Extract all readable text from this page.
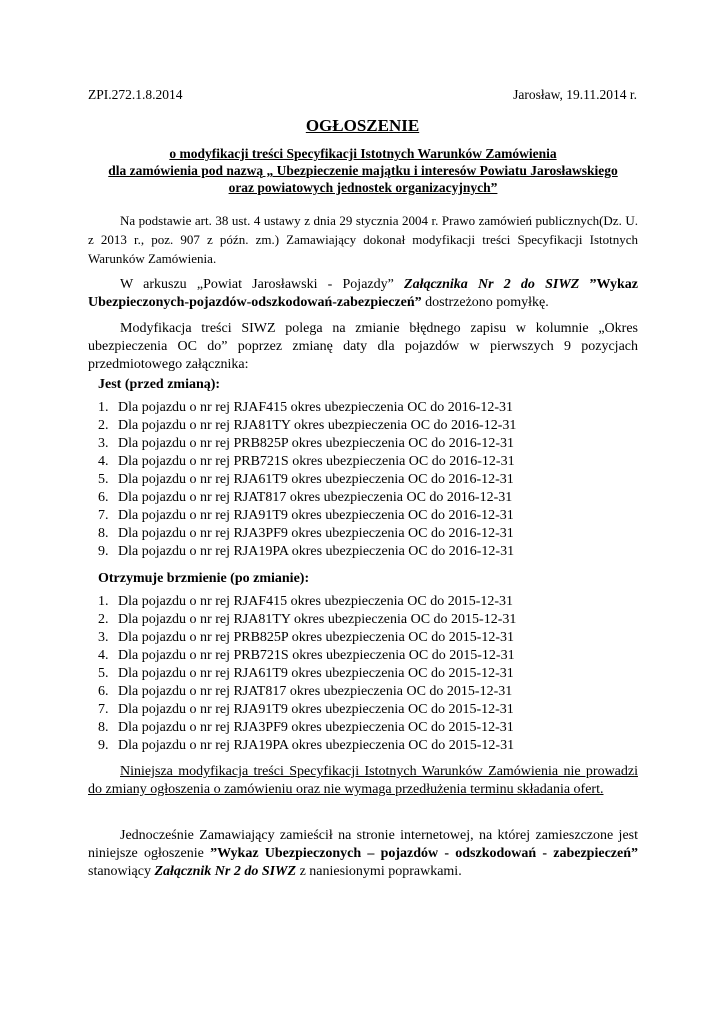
ZPI.272.1.8.2014	Jarosław, 19.11.2014 r.
OGŁOSZENIE
o modyfikacji treści Specyfikacji Istotnych Warunków Zamówienia
dla zamówienia pod nazwą „ Ubezpieczenie majątku i interesów Powiatu Jarosławskiego
oraz powiatowych jednostek organizacyjnych”
Na podstawie art. 38 ust. 4 ustawy z dnia 29 stycznia 2004 r. Prawo zamówień publicznych(Dz. U. z 2013 r., poz. 907 z późn. zm.) Zamawiający dokonał modyfikacji treści Specyfikacji Istotnych Warunków Zamówienia.
W arkuszu „Powiat Jarosławski - Pojazdy” Załącznika Nr 2 do SIWZ ”Wykaz Ubezpieczonych-pojazdów-odszkodowań-zabezpieczeń” dostrzeżono pomyłkę.
Modyfikacja treści SIWZ polega na zmianie błędnego zapisu w kolumnie „Okres ubezpieczenia OC do” poprzez zmianę daty dla pojazdów w pierwszych 9 pozycjach przedmiotowego załącznika:
Jest (przed zmianą):
1. Dla pojazdu o nr rej RJAF415 okres ubezpieczenia OC do 2016-12-31
2. Dla pojazdu o nr rej RJA81TY okres ubezpieczenia OC do 2016-12-31
3. Dla pojazdu o nr rej PRB825P okres ubezpieczenia OC do 2016-12-31
4. Dla pojazdu o nr rej PRB721S okres ubezpieczenia OC do 2016-12-31
5. Dla pojazdu o nr rej RJA61T9 okres ubezpieczenia OC do 2016-12-31
6. Dla pojazdu o nr rej RJAT817 okres ubezpieczenia OC do 2016-12-31
7. Dla pojazdu o nr rej RJA91T9 okres ubezpieczenia OC do 2016-12-31
8. Dla pojazdu o nr rej RJA3PF9 okres ubezpieczenia OC do 2016-12-31
9. Dla pojazdu o nr rej RJA19PA okres ubezpieczenia OC do 2016-12-31
Otrzymuje brzmienie (po zmianie):
1. Dla pojazdu o nr rej RJAF415 okres ubezpieczenia OC do 2015-12-31
2. Dla pojazdu o nr rej RJA81TY okres ubezpieczenia OC do 2015-12-31
3. Dla pojazdu o nr rej PRB825P okres ubezpieczenia OC do 2015-12-31
4. Dla pojazdu o nr rej PRB721S okres ubezpieczenia OC do 2015-12-31
5. Dla pojazdu o nr rej RJA61T9 okres ubezpieczenia OC do 2015-12-31
6. Dla pojazdu o nr rej RJAT817 okres ubezpieczenia OC do 2015-12-31
7. Dla pojazdu o nr rej RJA91T9 okres ubezpieczenia OC do 2015-12-31
8. Dla pojazdu o nr rej RJA3PF9 okres ubezpieczenia OC do 2015-12-31
9. Dla pojazdu o nr rej RJA19PA okres ubezpieczenia OC do 2015-12-31
Niniejsza modyfikacja treści Specyfikacji Istotnych Warunków Zamówienia nie prowadzi do zmiany ogłoszenia o zamówieniu oraz nie wymaga przedłużenia terminu składania ofert.
Jednocześnie Zamawiający zamieścił na stronie internetowej, na której zamieszczone jest niniejsze ogłoszenie ”Wykaz Ubezpieczonych – pojazdów - odszkodowań - zabezpieczeń” stanowiący Załącznik Nr 2 do SIWZ z naniesionymi poprawkami.
